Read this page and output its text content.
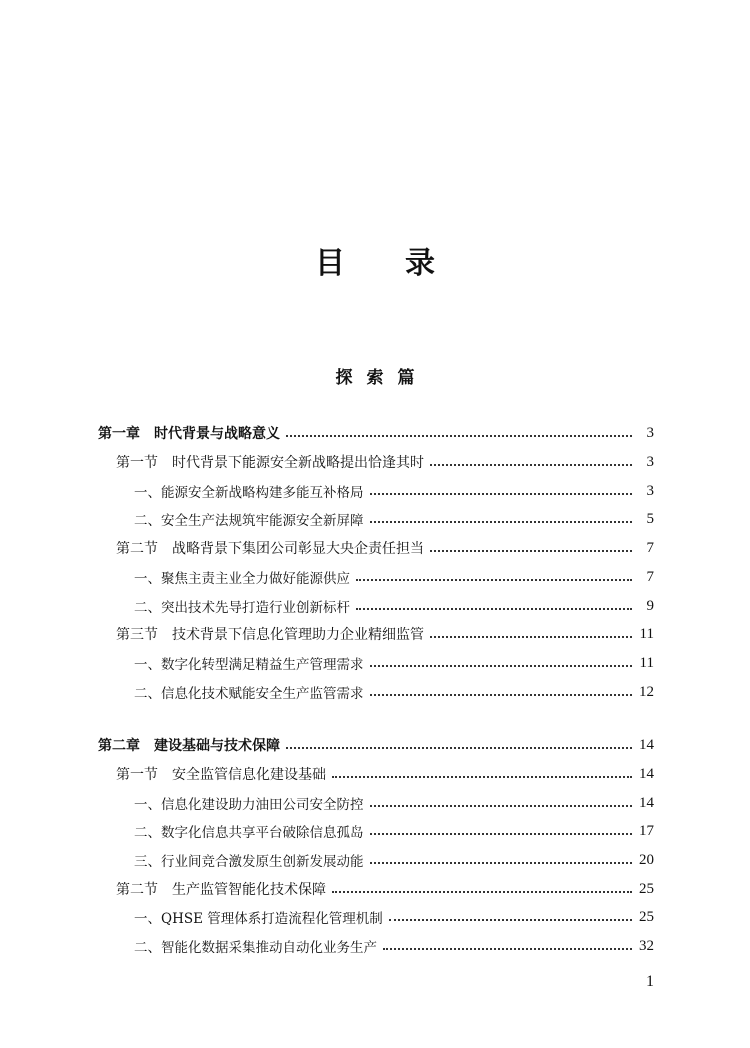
目录
探索篇
第一章 时代背景与战略意义	3
第一节 时代背景下能源安全新战略提出恰逢其时	3
一、能源安全新战略构建多能互补格局	3
二、安全生产法规筑牢能源安全新屏障	5
第二节 战略背景下集团公司彰显大央企责任担当	7
一、聚焦主责主业全力做好能源供应	7
二、突出技术先导打造行业创新标杆	9
第三节 技术背景下信息化管理助力企业精细监管	11
一、数字化转型满足精益生产管理需求	11
二、信息化技术赋能安全生产监管需求	12
第二章 建设基础与技术保障	14
第一节 安全监管信息化建设基础	14
一、信息化建设助力油田公司安全防控	14
二、数字化信息共享平台破除信息孤岛	17
三、行业间竞合激发原生创新发展动能	20
第二节 生产监管智能化技术保障	25
一、QHSE 管理体系打造流程化管理机制	25
二、智能化数据采集推动自动化业务生产	32
1
